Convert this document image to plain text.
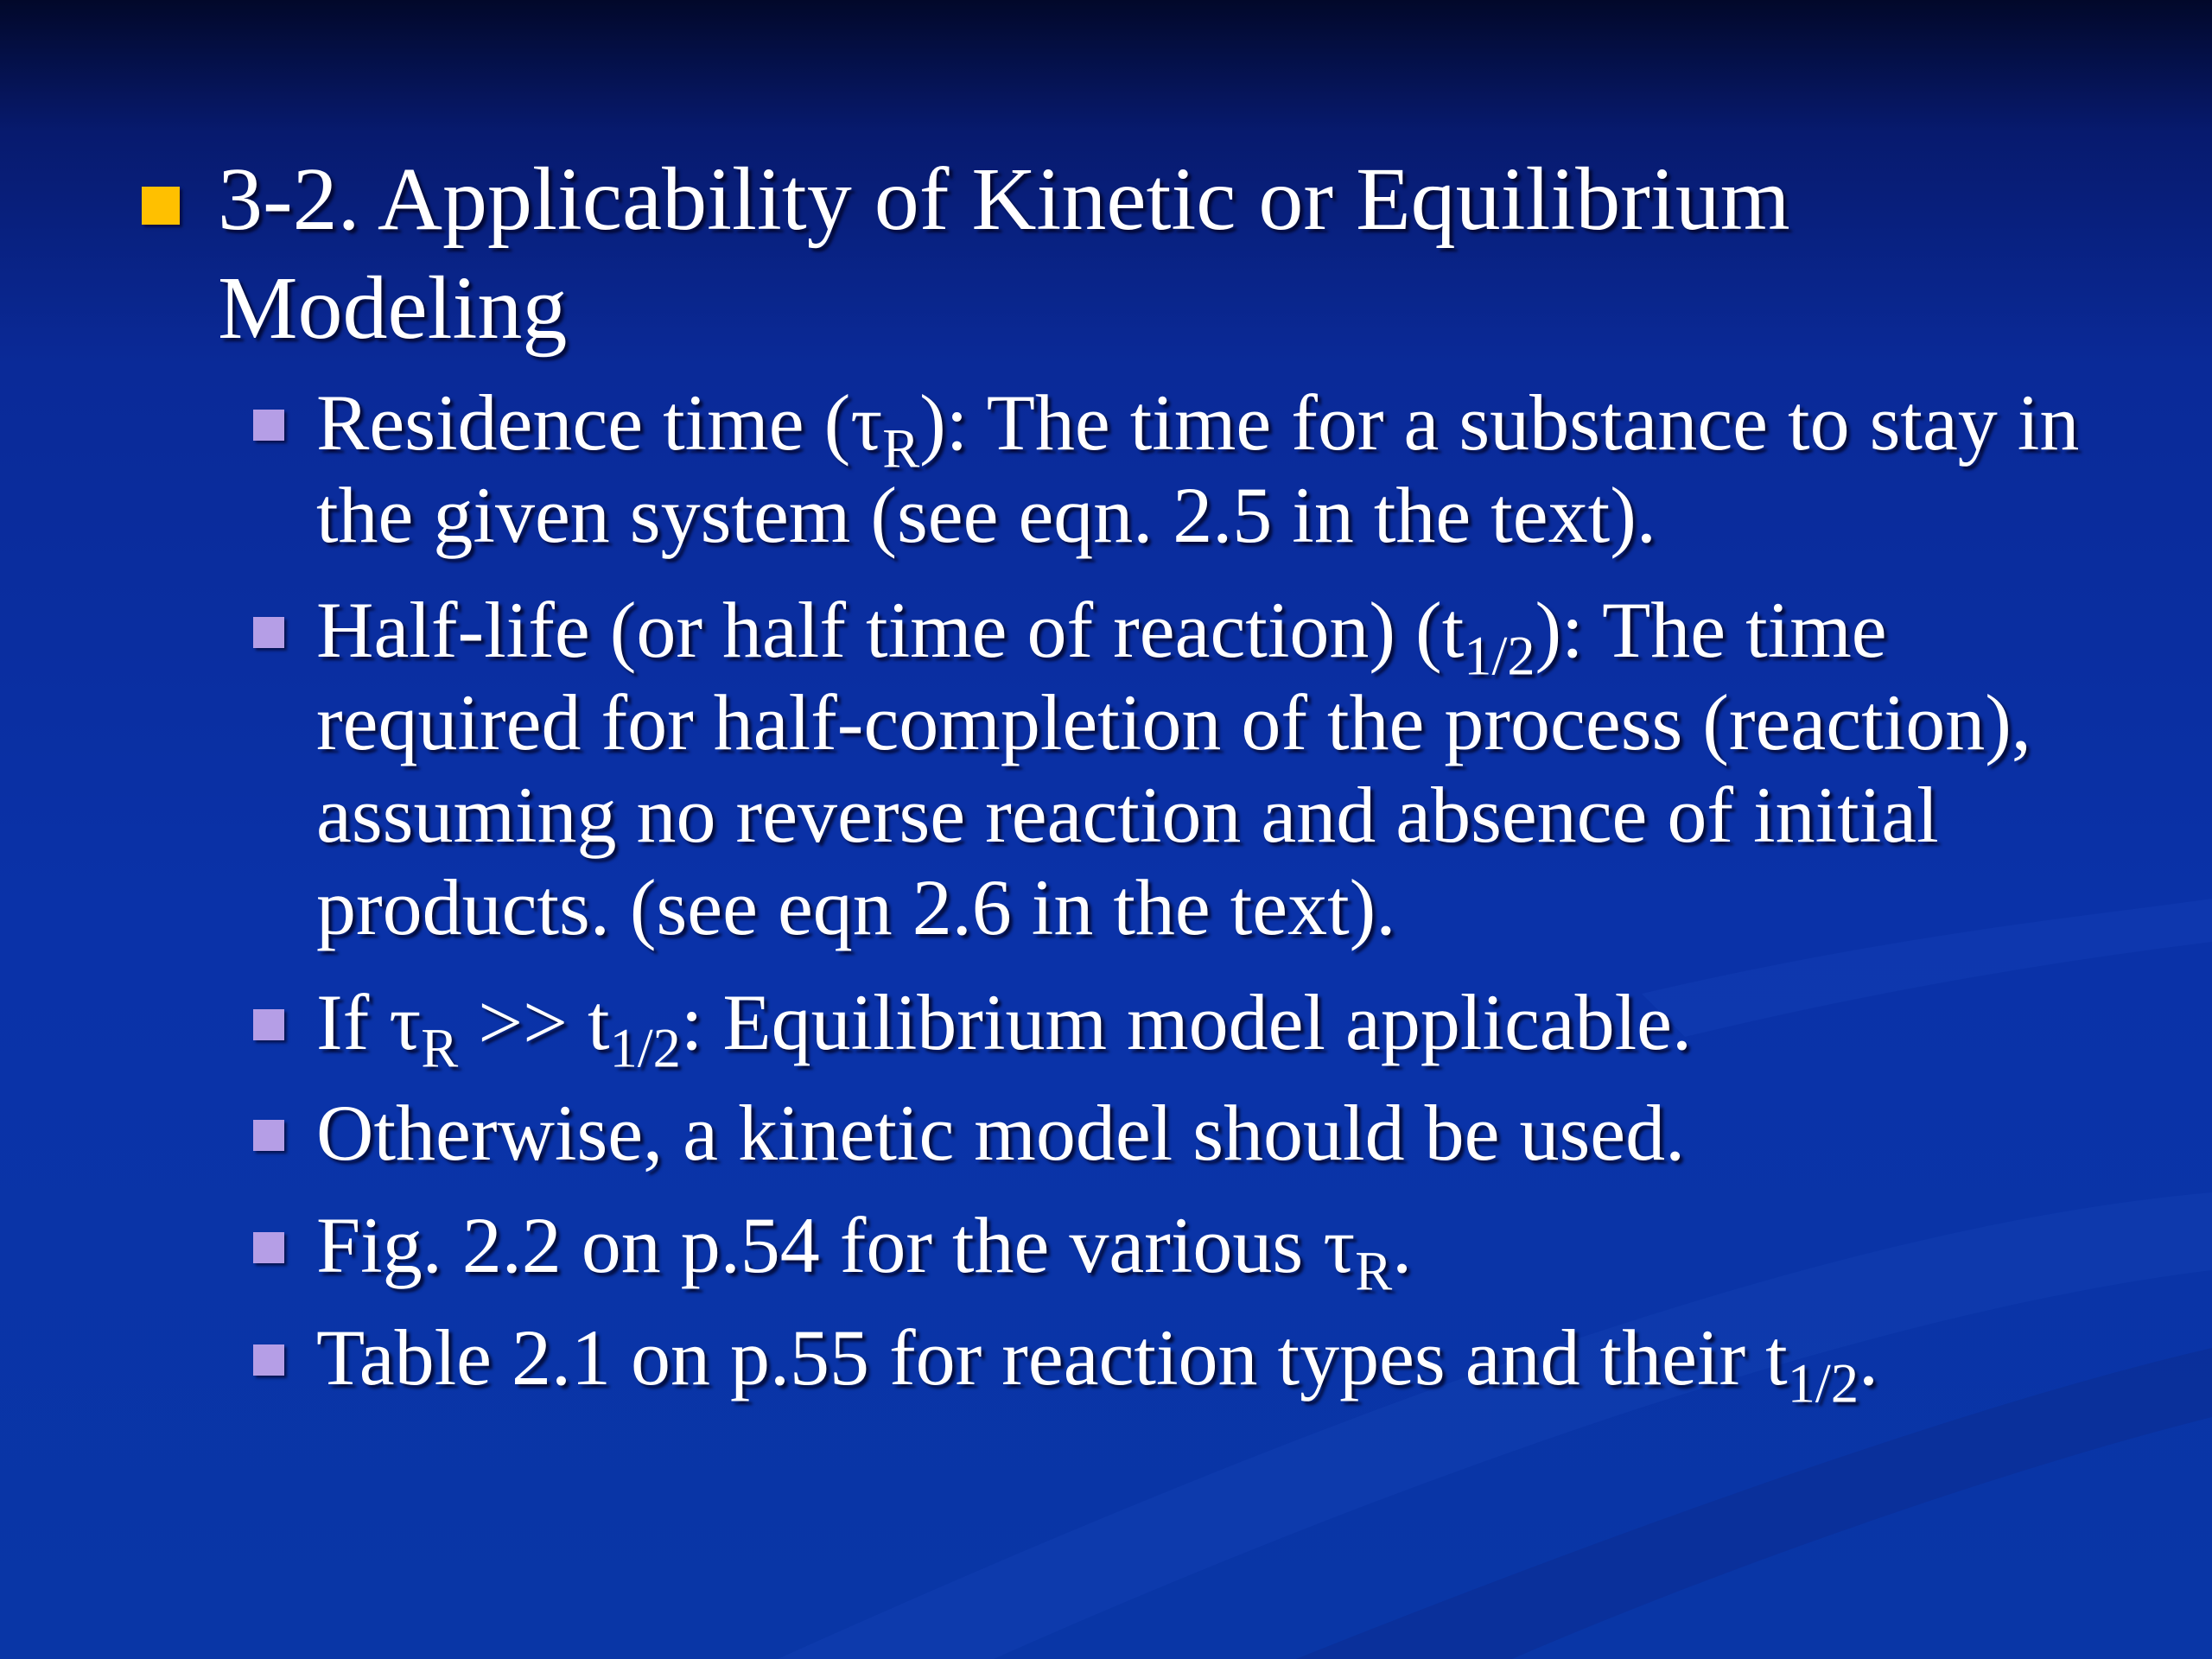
3-2. Applicability of Kinetic or Equilibrium Modeling
Residence time $(\tau_R)$: The time for a substance to stay in the given system (see eqn. 2.5 in the text).
Half-life (or half time of reaction) $(t_{1/2})$: The time required for half-completion of the process (reaction), assuming no reverse reaction and absence of initial products. (see eqn 2.6 in the text).
If $\tau_R >> t_{1/2}$: Equilibrium model applicable.
Otherwise, a kinetic model should be used.
Fig. 2.2 on p.54 for the various $\tau_R$.
Table 2.1 on p.55 for reaction types and their $t_{1/2}$.
